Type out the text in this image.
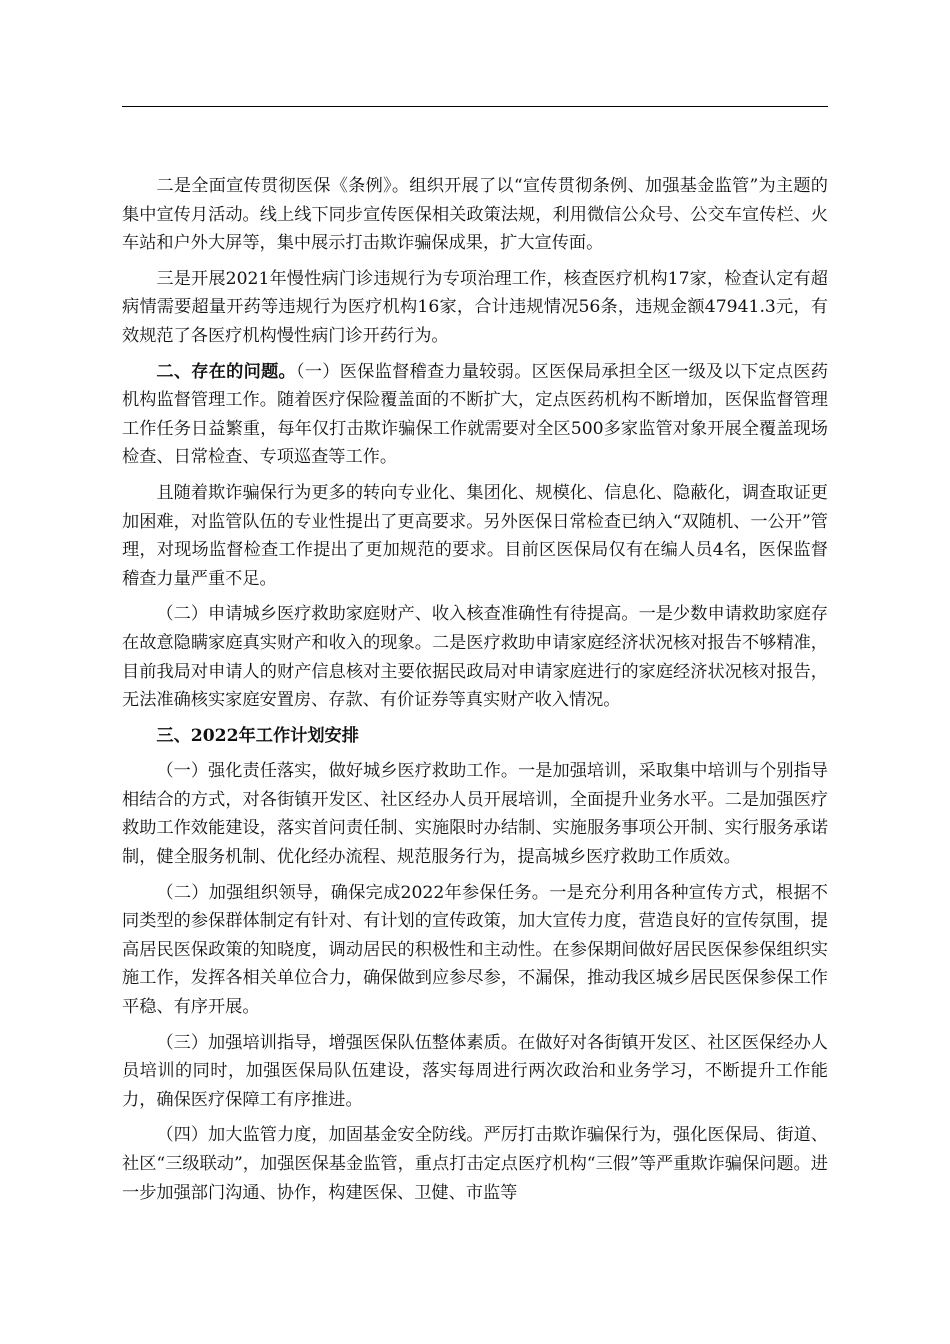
二是全面宣传贯彻医保《条例》。组织开展了以“宣传贯彻条例、加强基金监管”为主题的集中宣传月活动。线上线下同步宣传医保相关政策法规，利用微信公众号、公交车宣传栏、火车站和户外大屏等，集中展示打击欺诈骗保成果，扩大宣传面。

三是开展2021年慢性病门诊违规行为专项治理工作，核查医疗机构17家，检查认定有超病情需要超量开药等违规行为医疗机构16家，合计违规情况56条，违规金额47941.3元，有效规范了各医疗机构慢性病门诊开药行为。

二、存在的问题。（一）医保监督稽查力量较弱。区医保局承担全区一级及以下定点医药机构监督管理工作。随着医疗保险覆盖面的不断扩大，定点医药机构不断增加，医保监督管理工作任务日益繁重，每年仅打击欺诈骗保工作就需要对全区500多家监管对象开展全覆盖现场检查、日常检查、专项巡查等工作。

且随着欺诈骗保行为更多的转向专业化、集团化、规模化、信息化、隐蔽化，调查取证更加困难，对监管队伍的专业性提出了更高要求。另外医保日常检查已纳入“双随机、一公开”管理，对现场监督检查工作提出了更加规范的要求。目前区医保局仅有在编人员4名，医保监督稽查力量严重不足。

（二）申请城乡医疗救助家庭财产、收入核查准确性有待提高。一是少数申请救助家庭存在故意隐瞒家庭真实财产和收入的现象。二是医疗救助申请家庭经济状况核对报告不够精准，目前我局对申请人的财产信息核对主要依据民政局对申请家庭进行的家庭经济状况核对报告，无法准确核实家庭安置房、存款、有价证券等真实财产收入情况。

三、2022年工作计划安排

（一）强化责任落实，做好城乡医疗救助工作。一是加强培训，采取集中培训与个别指导相结合的方式，对各街镇开发区、社区经办人员开展培训，全面提升业务水平。二是加强医疗救助工作效能建设，落实首问责任制、实施限时办结制、实施服务事项公开制、实行服务承诺制，健全服务机制、优化经办流程、规范服务行为，提高城乡医疗救助工作质效。

（二）加强组织领导，确保完成2022年参保任务。一是充分利用各种宣传方式，根据不同类型的参保群体制定有针对、有计划的宣传政策，加大宣传力度，营造良好的宣传氛围，提高居民医保政策的知晓度，调动居民的积极性和主动性。在参保期间做好居民医保参保组织实施工作，发挥各相关单位合力，确保做到应参尽参，不漏保，推动我区城乡居民医保参保工作平稳、有序开展。

（三）加强培训指导，增强医保队伍整体素质。在做好对各街镇开发区、社区医保经办人员培训的同时，加强医保局队伍建设，落实每周进行两次政治和业务学习，不断提升工作能力，确保医疗保障工有序推进。

（四）加大监管力度，加固基金安全防线。严厉打击欺诈骗保行为，强化医保局、街道、社区“三级联动”，加强医保基金监管，重点打击定点医疗机构“三假”等严重欺诈骗保问题。进一步加强部门沟通、协作，构建医保、卫健、市监等
